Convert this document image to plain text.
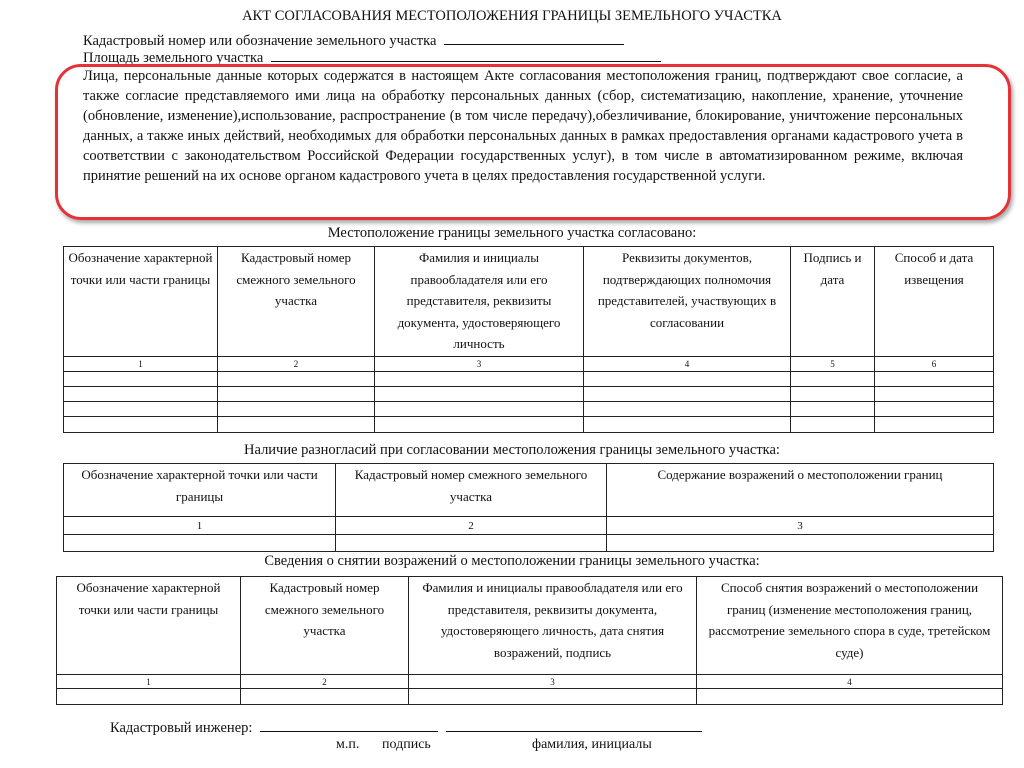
АКТ СОГЛАСОВАНИЯ МЕСТОПОЛОЖЕНИЯ ГРАНИЦЫ ЗЕМЕЛЬНОГО УЧАСТКА
Кадастровый номер или обозначение земельного участка
Площадь земельного участка
Лица, персональные данные которых содержатся в настоящем Акте согласования местоположения границ, подтверждают свое согласие, а также согласие представляемого ими лица на обработку персональных данных (сбор, систематизацию, накопление, хранение, уточнение (обновление, изменение),использование, распространение (в том числе передачу),обезличивание, блокирование, уничтожение персональных данных, а также иных действий, необходимых для обработки персональных данных в рамках предоставления органами кадастрового учета в соответствии с законодательством Российской Федерации государственных услуг), в том числе в автоматизированном режиме, включая принятие решений на их основе органом кадастрового учета в целях предоставления государственной услуги.
Местоположение границы земельного участка согласовано:
Обозначение характерной точки или части границы	Кадастровый номер смежного земельного участка	Фамилия и инициалы правообладателя или его представителя, реквизиты документа, удостоверяющего личность	Реквизиты документов, подтверждающих полномочия представителей, участвующих в согласовании	Подпись и дата	Способ и дата извещения
1	2	3	4	5	6

Наличие разногласий при согласовании местоположения границы земельного участка:
Обозначение характерной точки или части границы	Кадастровый номер смежного земельного участка	Содержание возражений о местоположении границ
1	2	3

Сведения о снятии возражений о местоположении границы земельного участка:
Обозначение характерной точки или части границы	Кадастровый номер смежного земельного участка	Фамилия и инициалы правообладателя или его представителя, реквизиты документа, удостоверяющего личность, дата снятия возражений, подпись	Способ снятия возражений о местоположении границ (изменение местоположения границ, рассмотрение земельного спора в суде, третейском суде)
1	2	3	4

Кадастровый инженер:
м.п. подпись	фамилия, инициалы
